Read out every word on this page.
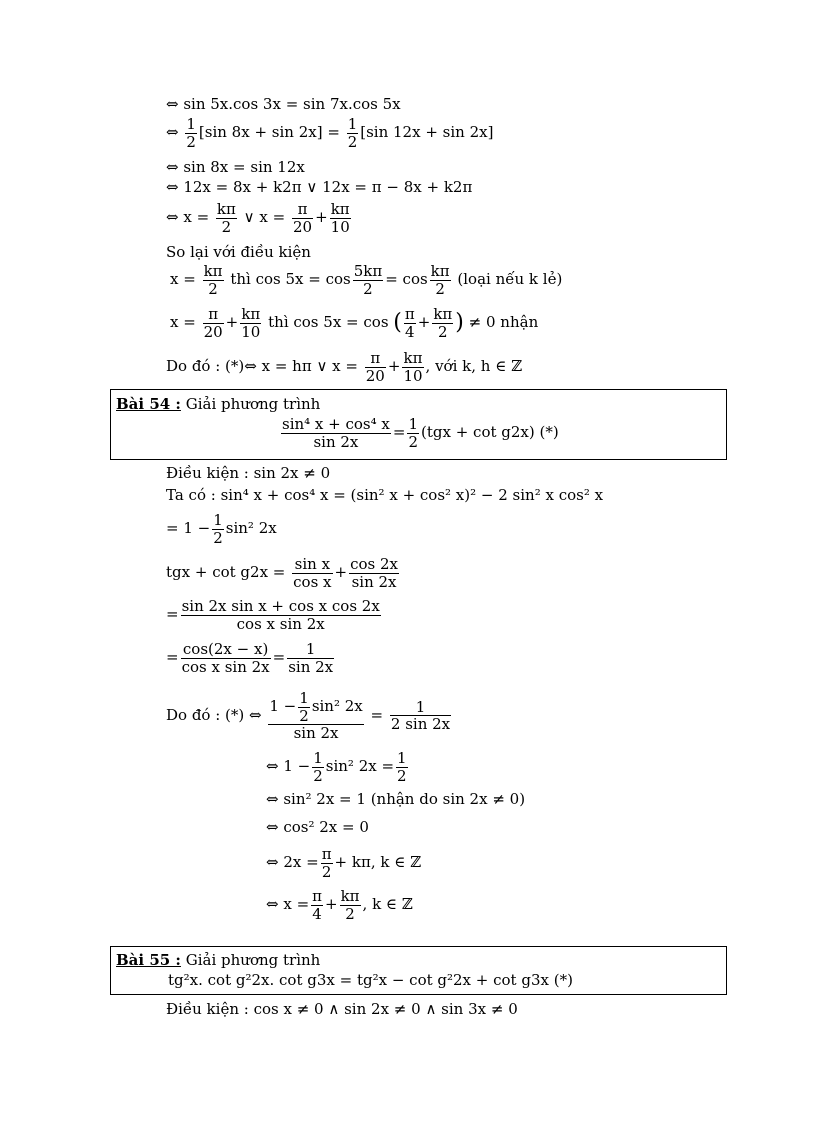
⇔ sin 5x.cos 3x = sin 7x.cos 5x
⇔ $\frac{1}{2} [\sin$ $8x + \sin 2x] = \frac{1}{2} [\sin$ 12x + sin 2x]
⇔ sin 8x = sin 12x
⇔ 12x = 8x + k2π ∨ 12x = π − 8x + k2π
⇔ $x = \frac{k\pi}{2}$ ∨ $x = \frac{\pi}{20} + \frac{k\pi}{10}$
So lại với điều kiện
$x = \frac{k\pi}{2}$ thì $\cos 5x = \cos \frac{5k\pi}{2} = \cos \frac{k\pi}{2}$ (loại nếu k lẻ)
$x = \frac{\pi}{20} + \frac{k\pi}{10}$ thì cos 5x = cos ( $\frac{\pi}{4} + \frac{k\pi}{2}$ ) ≠ 0 nhận
Do đó : (*)⇔ x = hπ ∨ $x = \frac{\pi}{20} + \frac{k\pi}{10}$ , với k, h ∈ ℤ
Bài 54 : Giải phương trình
$\frac{\text{sin⁴ x + cos⁴ x}}{\sin 2x} = \frac{1}{2} (tgx + \cot g2x)$ (*)
Điều kiện : sin 2x ≠ 0
Ta có : sin⁴ x + cos⁴ x = (sin² x + cos² x)² − 2 sin² x cos² x
= $1 - \frac{1}{2} \sin^2$ 2x
tgx + $\cot g2x = \frac{\text{sin x}}{\text{cos x}} + \frac{\cos 2x}{\sin 2x}$
= $\frac{\text{sin 2x sin x + cos x cos 2x}}{\text{cos x sin 2x}}$
= $\frac{\cos(2x - x)}{\text{cos x sin 2x}} = \frac{1}{\sin 2x}$
Do đó : (*) ⇔ $\frac{1 - \frac{1}{2} \sin^2 2x}{\sin 2x} = \frac{1}{2 \sin 2x}$
⇔ $1 - \frac{1}{2} \sin^2$ $2x = \frac{1}{2}$
⇔ sin² 2x = 1 (nhận do sin 2x ≠ 0)
⇔ cos² 2x = 0
⇔ $2x = \frac{\pi}{2} + k\pi$, k ∈ ℤ
⇔ $x = \frac{\pi}{4} + \frac{k\pi}{2}$ , k ∈ ℤ
Bài 55 : Giải phương trình
tg²x. cot g²2x. cot g3x = tg²x − cot g²2x + cot g3x (*)
Điều kiện : cos x ≠ 0 ∧ sin 2x ≠ 0 ∧ sin 3x ≠ 0
